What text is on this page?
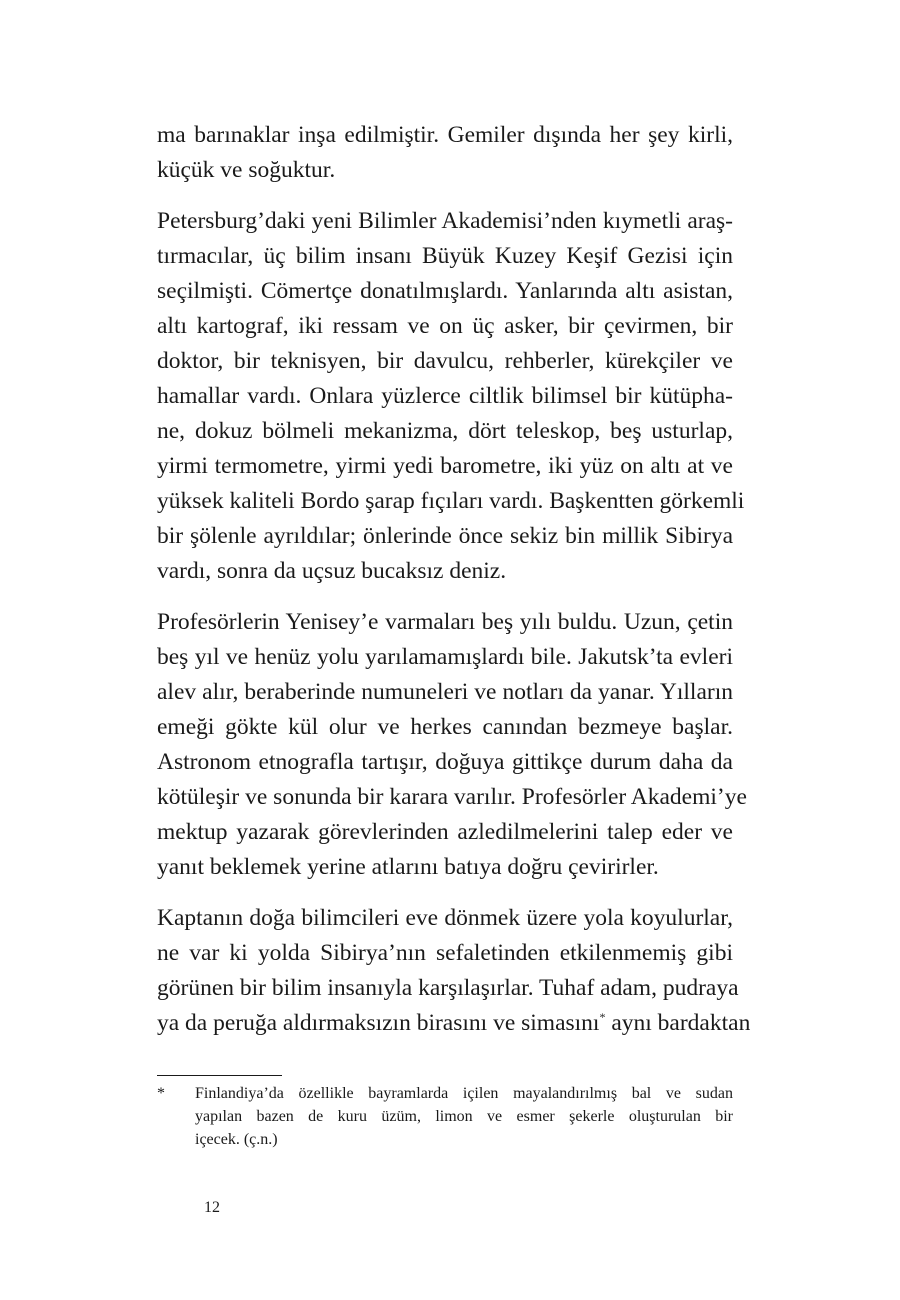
ma barınaklar inşa edilmiştir. Gemiler dışında her şey kirli,
küçük ve soğuktur.
Petersburg’daki yeni Bilimler Akademisi’nden kıymetli araş-
tırmacılar, üç bilim insanı Büyük Kuzey Keşif Gezisi için
seçilmişti. Cömertçe donatılmışlardı. Yanlarında altı asistan,
altı kartograf, iki ressam ve on üç asker, bir çevirmen, bir
doktor, bir teknisyen, bir davulcu, rehberler, kürekçiler ve
hamallar vardı. Onlara yüzlerce ciltlik bilimsel bir kütüpha-
ne, dokuz bölmeli mekanizma, dört teleskop, beş usturlap,
yirmi termometre, yirmi yedi barometre, iki yüz on altı at ve
yüksek kaliteli Bordo şarap fıçıları vardı. Başkentten görkemli
bir şölenle ayrıldılar; önlerinde önce sekiz bin millik Sibirya
vardı, sonra da uçsuz bucaksız deniz.
Profesörlerin Yenisey’e varmaları beş yılı buldu. Uzun, çetin
beş yıl ve henüz yolu yarılamamışlardı bile. Jakutsk’ta evleri
alev alır, beraberinde numuneleri ve notları da yanar. Yılların
emeği gökte kül olur ve herkes canından bezmeye başlar.
Astronom etnografla tartışır, doğuya gittikçe durum daha da
kötüleşir ve sonunda bir karara varılır. Profesörler Akademi’ye
mektup yazarak görevlerinden azledilmelerini talep eder ve
yanıt beklemek yerine atlarını batıya doğru çevirirler.
Kaptanın doğa bilimcileri eve dönmek üzere yola koyulurlar,
ne var ki yolda Sibirya’nın sefaletinden etkilenmemiş gibi
görünen bir bilim insanıyla karşılaşırlar. Tuhaf adam, pudraya
ya da peruğa aldırmaksızın birasını ve simasını* aynı bardaktan
*	Finlandiya’da özellikle bayramlarda içilen mayalandırılmış bal ve sudan
yapılan bazen de kuru üzüm, limon ve esmer şekerle oluşturulan bir
içecek. (ç.n.)
12
